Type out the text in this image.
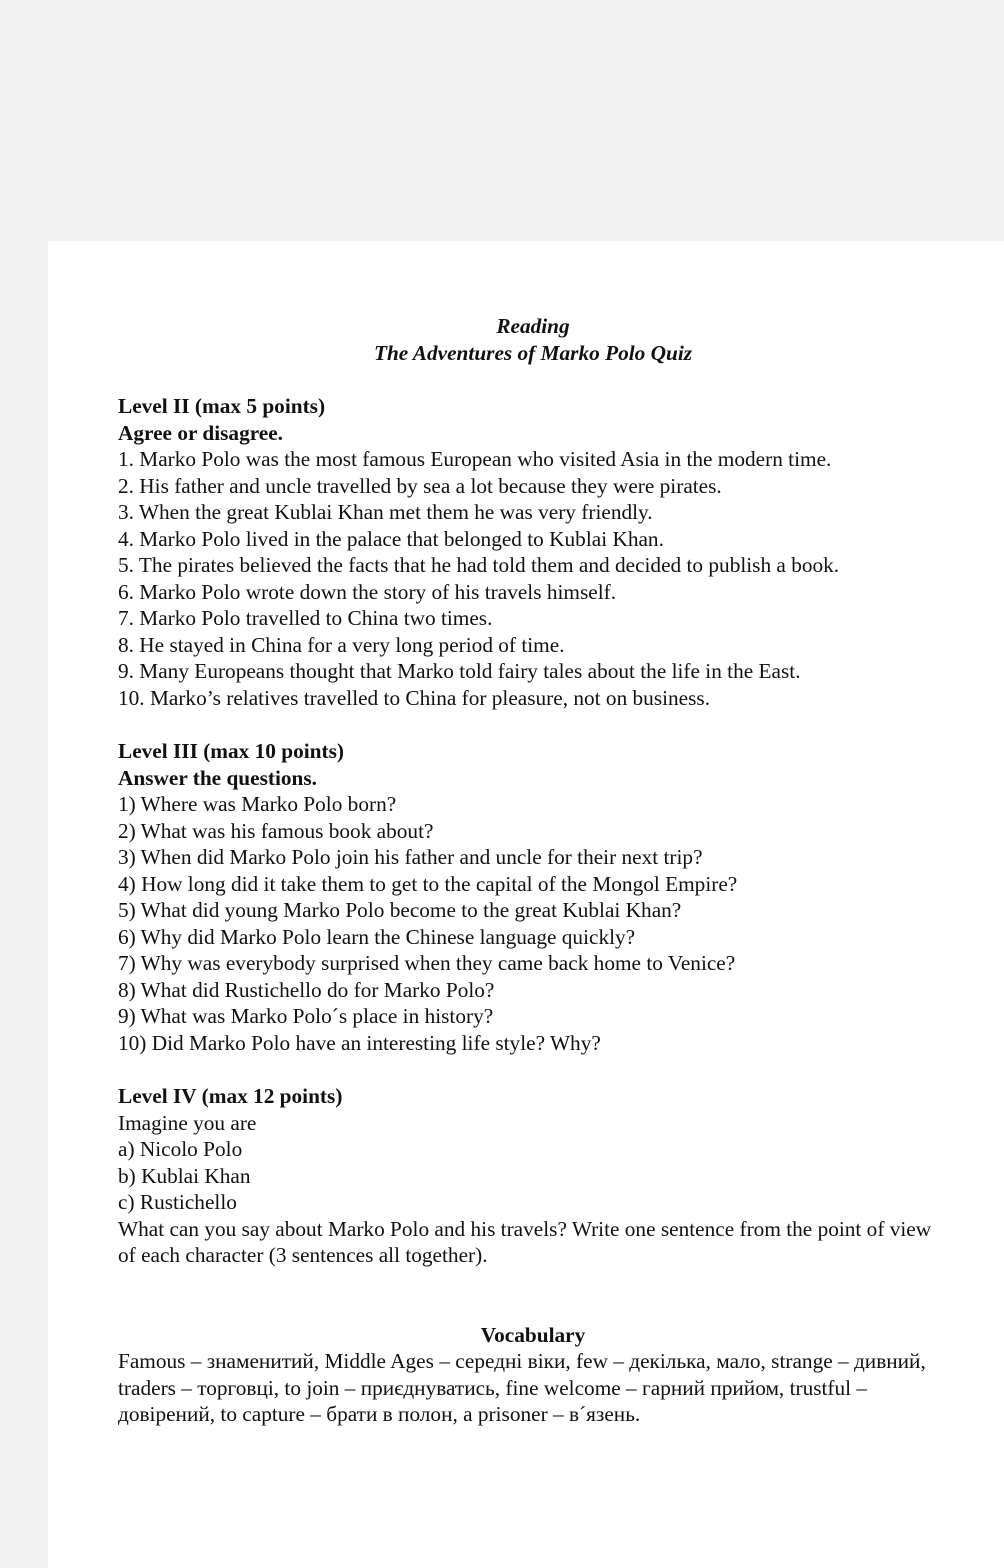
Reading

The Adventures of Marko Polo Quiz

Level II (max 5 points)

Agree or disagree.

1. Marko Polo was the most famous European who visited Asia in the modern time.

2. His father and uncle travelled by sea a lot because they were pirates.

3. When the great Kublai Khan met them he was very friendly.

4. Marko Polo lived in the palace that belonged to Kublai Khan.

5. The pirates believed the facts that he had told them and decided to publish a book.

6. Marko Polo wrote down the story of his travels himself.

7. Marko Polo travelled to China two times.

8. He stayed in China for a very long period of time.

9. Many Europeans thought that Marko told fairy tales about the life in the East.

10. Marko’s relatives travelled to China for pleasure, not on business.

Level III (max 10 points)

Answer the questions.

1) Where was Marko Polo born?

2) What was his famous book about?

3) When did Marko Polo join his father and uncle for their next trip?

4) How long did it take them to get to the capital of the Mongol Empire?

5) What did young Marko Polo become to the great Kublai Khan?

6) Why did Marko Polo learn the Chinese language quickly?

7) Why was everybody surprised when they came back home to Venice?

8) What did Rustichello do for Marko Polo?

9) What was Marko Polo´s place in history?

10) Did Marko Polo have an interesting life style? Why?

Level IV (max 12 points)

Imagine you are

a) Nicolo Polo

b) Kublai Khan

c) Rustichello

What can you say about Marko Polo and his travels? Write one sentence from the point of view of each character (3 sentences all together).

Vocabulary

Famous – знаменитий, Middle Ages – середні віки, few – декілька, мало, strange – дивний, traders – торговці, to join – приєднуватись, fine welcome – гарний прийом, trustful – довірений, to capture – брати в полон, a prisoner – в´язень.
